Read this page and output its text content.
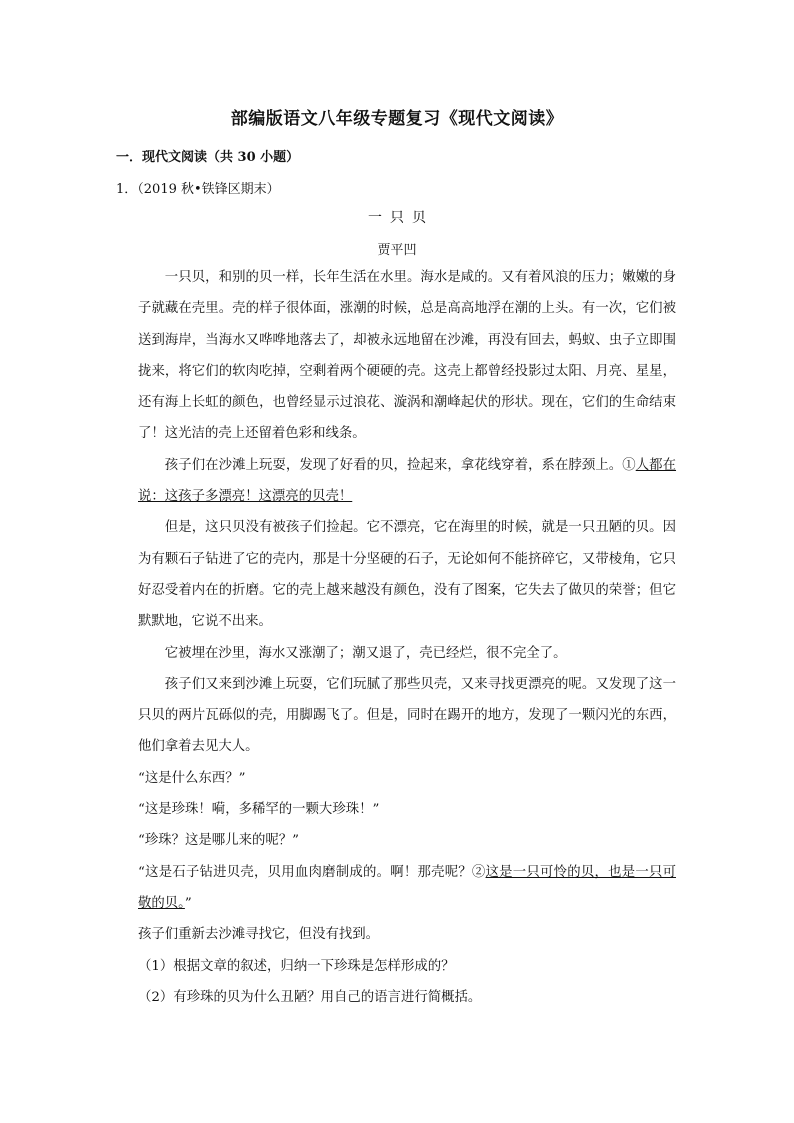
部编版语文八年级专题复习《现代文阅读》
一．现代文阅读（共 30 小题）
1．（2019 秋•铁锋区期末）
一只贝
贾平凹

一只贝，和别的贝一样，长年生活在水里。海水是咸的。又有着风浪的压力；嫩嫩的身子就藏在壳里。壳的样子很体面，涨潮的时候，总是高高地浮在潮的上头。有一次，它们被送到海岸，当海水又哗哗地落去了，却被永远地留在沙滩，再没有回去，蚂蚁、虫子立即围拢来，将它们的软肉吃掉，空剩着两个硬硬的壳。这壳上都曾经投影过太阳、月亮、星星，还有海上长虹的颜色，也曾经显示过浪花、漩涡和潮峰起伏的形状。现在，它们的生命结束了！这光洁的壳上还留着色彩和线条。

孩子们在沙滩上玩耍，发现了好看的贝，捡起来，拿花线穿着，系在脖颈上。①人都在说：这孩子多漂亮！这漂亮的贝壳！

但是，这只贝没有被孩子们捡起。它不漂亮，它在海里的时候，就是一只丑陋的贝。因为有颗石子钻进了它的壳内，那是十分坚硬的石子，无论如何不能挤碎它，又带棱角，它只好忍受着内在的折磨。它的壳上越来越没有颜色，没有了图案，它失去了做贝的荣誉；但它默默地，它说不出来。

它被埋在沙里，海水又涨潮了；潮又退了，壳已经烂，很不完全了。

孩子们又来到沙滩上玩耍，它们玩腻了那些贝壳，又来寻找更漂亮的呢。又发现了这一只贝的两片瓦砾似的壳，用脚踢飞了。但是，同时在踢开的地方，发现了一颗闪光的东西，他们拿着去见大人。

“这是什么东西？”

“这是珍珠！嗬，多稀罕的一颗大珍珠！”

“珍珠？这是哪儿来的呢？”

“这是石子钻进贝壳，贝用血肉磨制成的。啊！那壳呢？②这是一只可怜的贝，也是一只可敬的贝。”

孩子们重新去沙滩寻找它，但没有找到。

（1）根据文章的叙述，归纳一下珍珠是怎样形成的？

（2）有珍珠的贝为什么丑陋？用自己的语言进行简概括。
